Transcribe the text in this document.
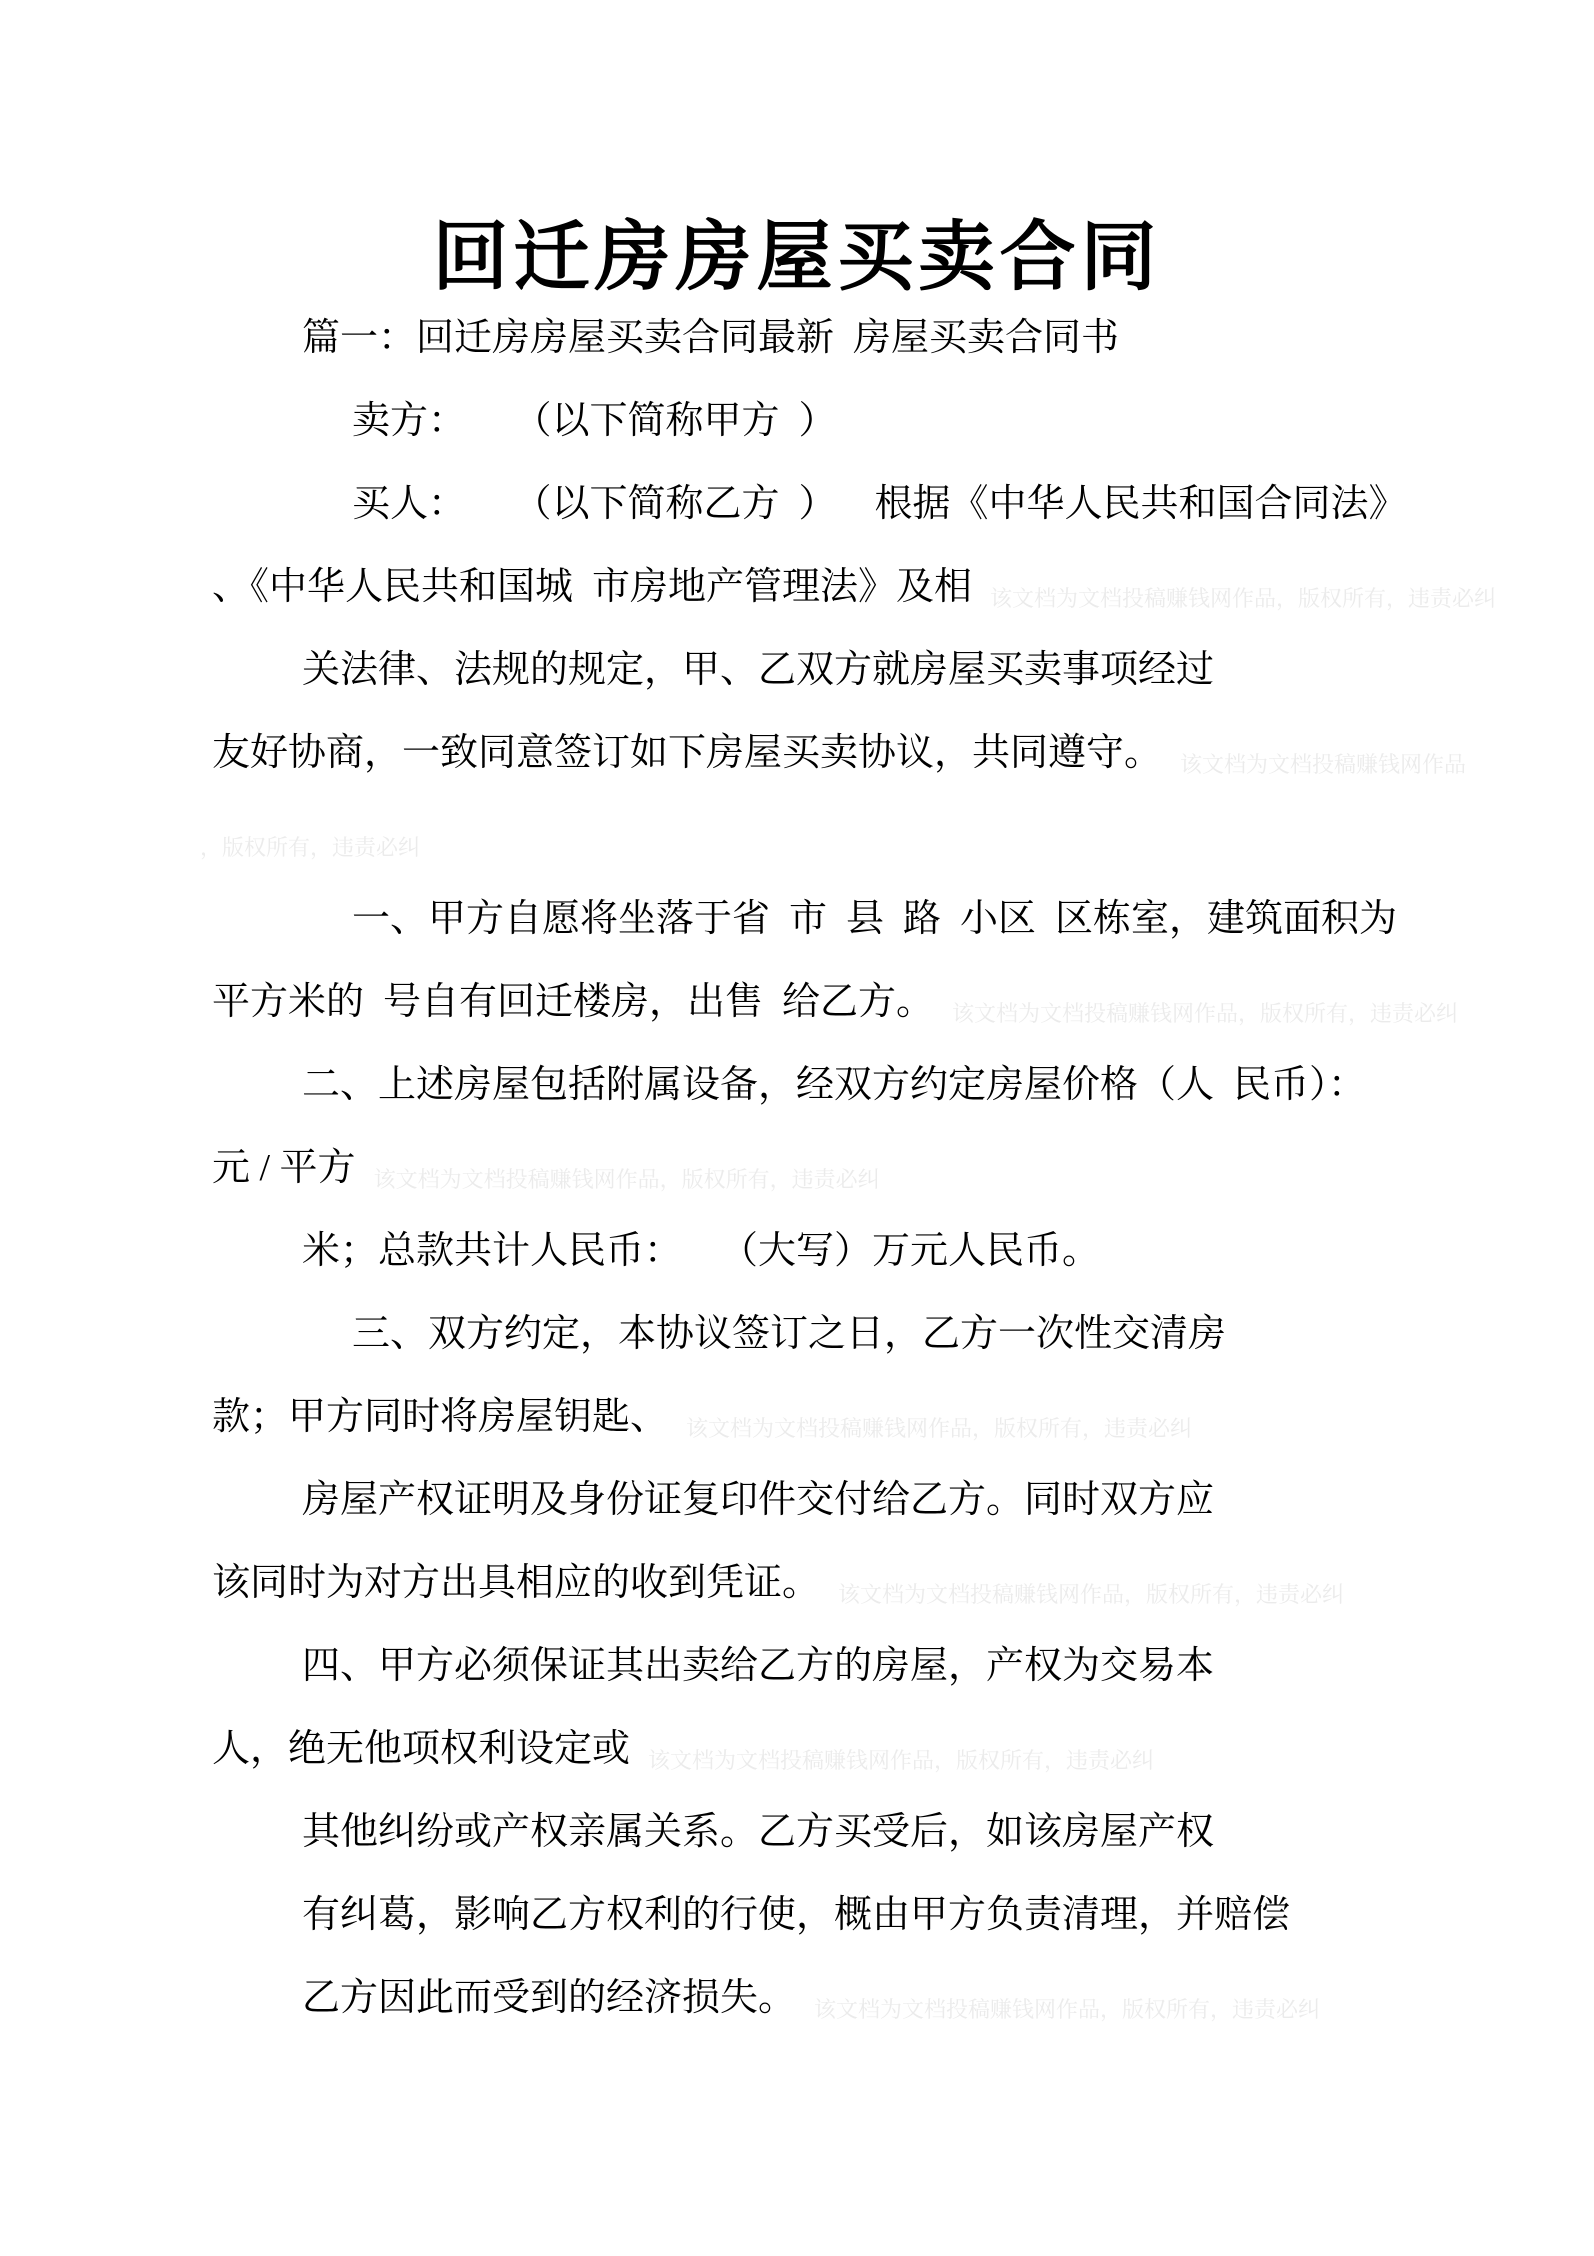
回迁房房屋买卖合同
篇一：回迁房房屋买卖合同最新  房屋买卖合同书
卖方：     （以下简称甲方  ）
买人：     （以下简称乙方  ）    根据《中华人民共和国合同法》
、《中华人民共和国城  市房地产管理法》及相 该文档为文档投稿赚钱网作品，版权所有，违责必纠
关法律、法规的规定，甲、乙双方就房屋买卖事项经过
友好协商，一致同意签订如下房屋买卖协议，共同遵守。 该文档为文档投稿赚钱网作品
，版权所有，违责必纠
一、甲方自愿将坐落于省  市  县  路  小区  区栋室，建筑面积为
平方米的  号自有回迁楼房，出售  给乙方。 该文档为文档投稿赚钱网作品，版权所有，违责必纠
二、上述房屋包括附属设备，经双方约定房屋价格（人  民币）：
元 / 平方 该文档为文档投稿赚钱网作品，版权所有，违责必纠
米；总款共计人民币：    （大写）万元人民币。
三、双方约定，本协议签订之日，乙方一次性交清房
款；甲方同时将房屋钥匙、 该文档为文档投稿赚钱网作品，版权所有，违责必纠
房屋产权证明及身份证复印件交付给乙方。同时双方应
该同时为对方出具相应的收到凭证。 该文档为文档投稿赚钱网作品，版权所有，违责必纠
四、甲方必须保证其出卖给乙方的房屋，产权为交易本
人，绝无他项权利设定或 该文档为文档投稿赚钱网作品，版权所有，违责必纠
其他纠纷或产权亲属关系。乙方买受后，如该房屋产权
有纠葛，影响乙方权利的行使，概由甲方负责清理，并赔偿
乙方因此而受到的经济损失。 该文档为文档投稿赚钱网作品，版权所有，违责必纠
